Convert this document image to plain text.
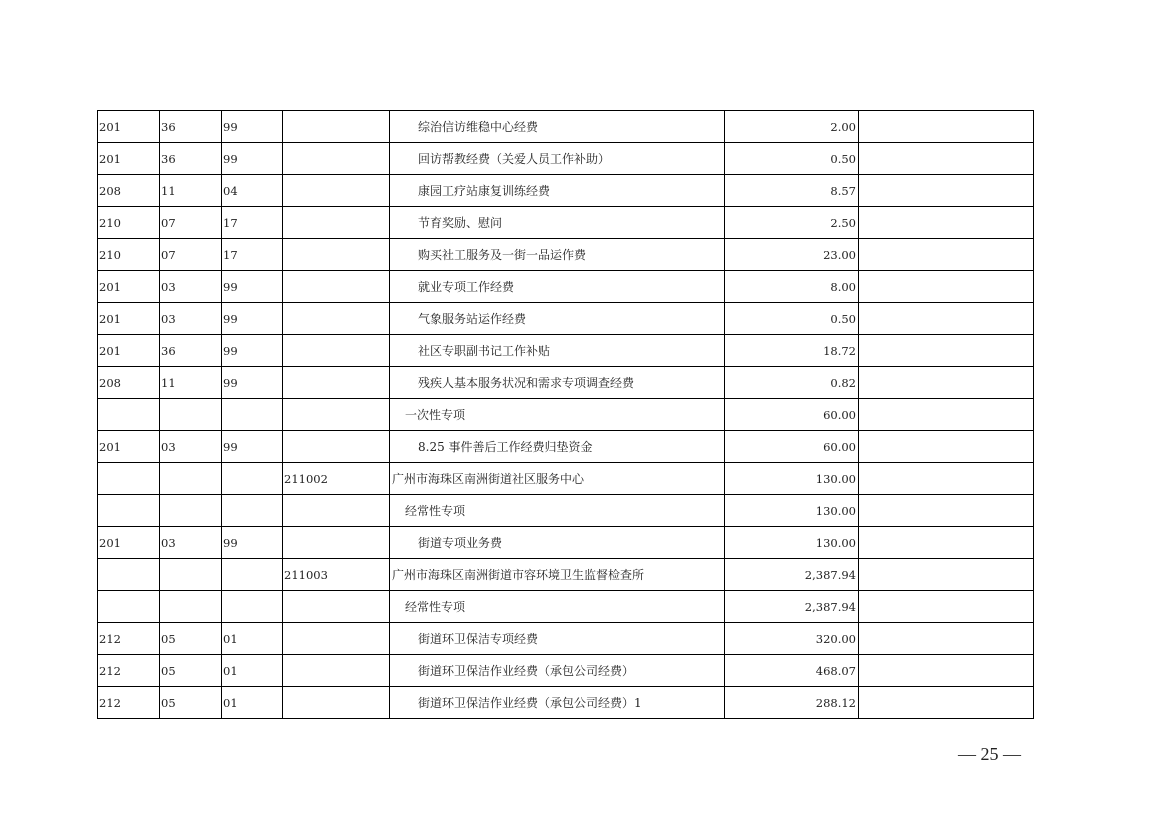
201	36	99		综治信访维稳中心经费	2.00	
201	36	99		回访帮教经费（关爱人员工作补助）	0.50	
208	11	04		康园工疗站康复训练经费	8.57	
210	07	17		节育奖励、慰问	2.50	
210	07	17		购买社工服务及一街一品运作费	23.00	
201	03	99		就业专项工作经费	8.00	
201	03	99		气象服务站运作经费	0.50	
201	36	99		社区专职副书记工作补贴	18.72	
208	11	99		残疾人基本服务状况和需求专项调查经费	0.82	
				一次性专项	60.00	
201	03	99		8.25 事件善后工作经费归垫资金	60.00	
			211002	广州市海珠区南洲街道社区服务中心	130.00	
				经常性专项	130.00	
201	03	99		街道专项业务费	130.00	
			211003	广州市海珠区南洲街道市容环境卫生监督检查所	2,387.94	
				经常性专项	2,387.94	
212	05	01		街道环卫保洁专项经费	320.00	
212	05	01		街道环卫保洁作业经费（承包公司经费）	468.07	
212	05	01		街道环卫保洁作业经费（承包公司经费）1	288.12	
— 25 —
